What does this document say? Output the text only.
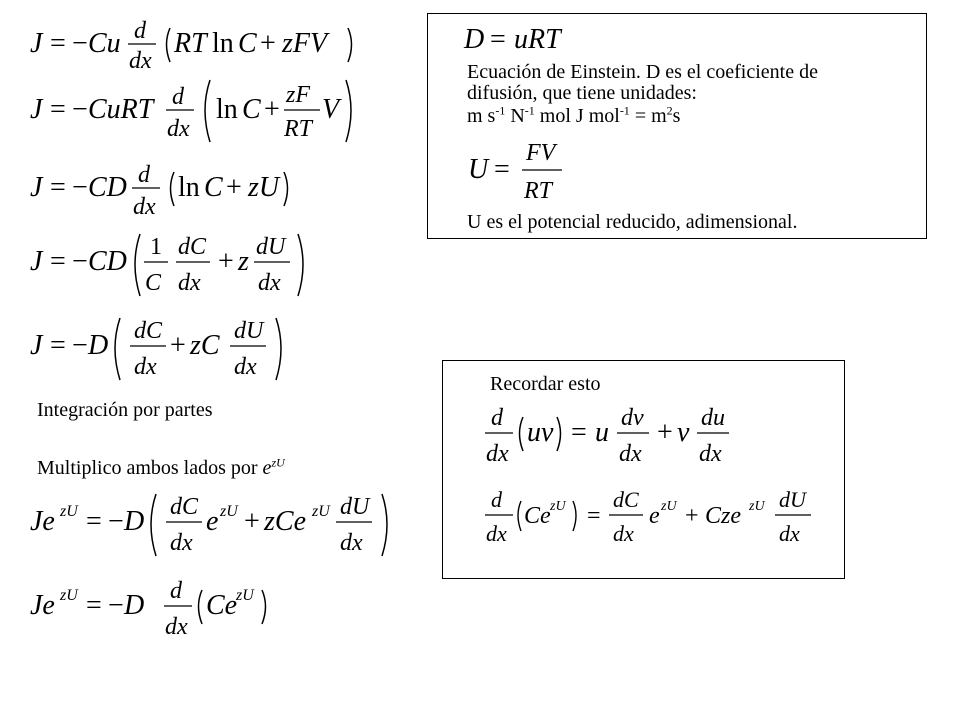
J = − Cu d
dx
RT ln C + zFV
J = − CuRT d
dx
ln C + zF
RT
V
J = − CD d
dx
ln C + zU
J = − CD 1
C
dC
dx
+ z dU
dx
J = − D dC
dx
+ zC dU
dx
Integración por partes
Multiplico ambos lados por $e^{zU}$
Je zU = − D dC
dx
e zU + zCe zU dU
dx
Je zU = − D d
dx
Ce
zU
D = uRT
Ecuación de Einstein. D es el coeficiente de
difusión, que tiene unidades:
m $s^{-1}$ $N^{-1}$ mol J $mol^{-1} = m^2s$
U =
FV
RT
U es el potencial reducido, adimensional.
Recordar esto
d
dx
uv = u dv
dx
+ v du
dx
d
dx
Ce zU =
dC
dx
e zU + Cze zU dU
dx
